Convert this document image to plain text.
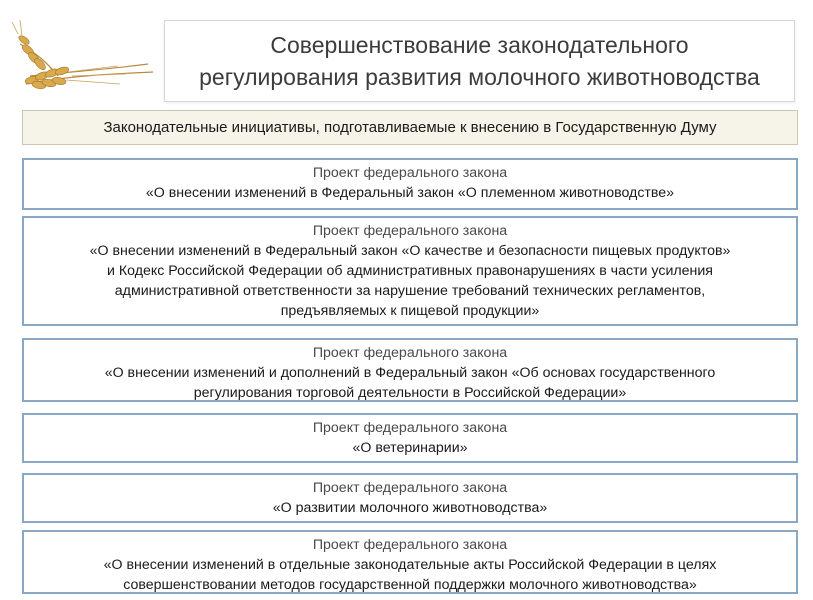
Совершенствование законодательного
регулирования развития молочного животноводства
Законодательные инициативы, подготавливаемые к внесению в Государственную Думу
Проект федерального закона
«О внесении изменений в Федеральный закон «О племенном животноводстве»
Проект федерального закона
«О внесении изменений в Федеральный закон «О качестве и безопасности пищевых продуктов»
и Кодекс Российской Федерации об административных правонарушениях в части усиления
административной ответственности за нарушение требований технических регламентов,
предъявляемых к пищевой продукции»
Проект федерального закона
«О внесении изменений и дополнений в Федеральный закон «Об основах государственного
регулирования торговой деятельности в Российской Федерации»
Проект федерального закона
«О ветеринарии»
Проект федерального закона
«О развитии молочного животноводства»
Проект федерального закона
«О внесении изменений в отдельные законодательные акты Российской Федерации в целях
совершенствовании методов государственной поддержки молочного животноводства»
